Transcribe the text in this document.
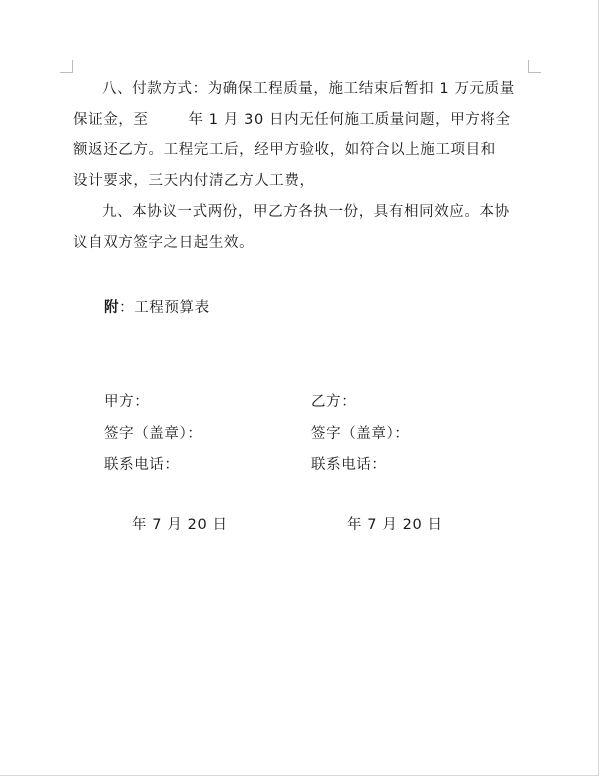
八、付款方式：为确保工程质量，施工结束后暂扣 1 万元质量
保证金，至	年 1 月 30 日内无任何施工质量问题，甲方将全
额返还乙方。工程完工后，经甲方验收，如符合以上施工项目和
设计要求，三天内付清乙方人工费，
九、本协议一式两份，甲乙方各执一份，具有相同效应。本协
议自双方签字之日起生效。
附：工程预算表
甲方：	乙方：
签字（盖章）：	签字（盖章）：
联系电话：	联系电话：
年 7 月 20 日	年 7 月 20 日
